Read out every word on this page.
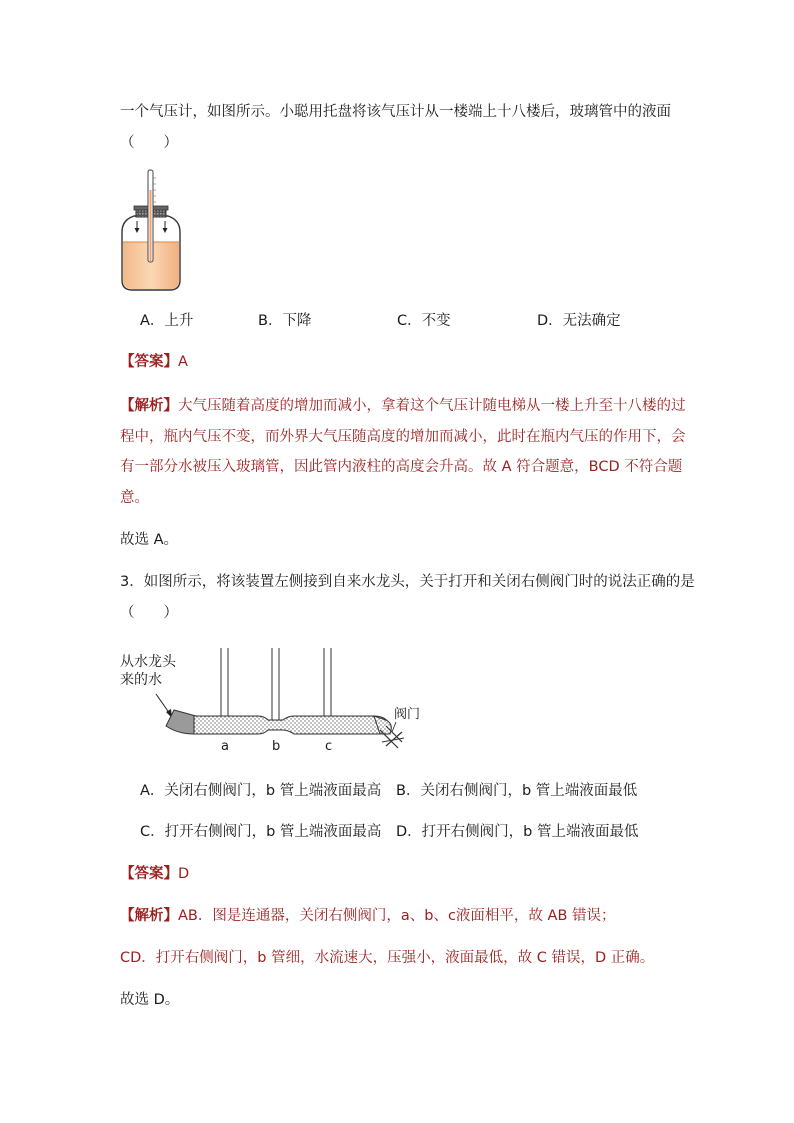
一个气压计，如图所示。小聪用托盘将该气压计从一楼端上十八楼后，玻璃管中的液面
（　　）
A．上升	B．下降	C．不变	D．无法确定
【答案】A
【解析】大气压随着高度的增加而减小，拿着这个气压计随电梯从一楼上升至十八楼的过
程中，瓶内气压不变，而外界大气压随高度的增加而减小，此时在瓶内气压的作用下，会
有一部分水被压入玻璃管，因此管内液柱的高度会升高。故 A 符合题意，BCD 不符合题
意。
故选 A。
3．如图所示，将该装置左侧接到自来水龙头，关于打开和关闭右侧阀门时的说法正确的是
（　　）
从水龙头
来的水
阀门
a	b	c
A．关闭右侧阀门，b 管上端液面最高 B．关闭右侧阀门，b 管上端液面最低
C．打开右侧阀门，b 管上端液面最高 D．打开右侧阀门，b 管上端液面最低
【答案】D
【解析】AB．图是连通器，关闭右侧阀门，a、b、c液面相平，故 AB 错误；
CD．打开右侧阀门，b 管细，水流速大，压强小，液面最低，故 C 错误，D 正确。
故选 D。
